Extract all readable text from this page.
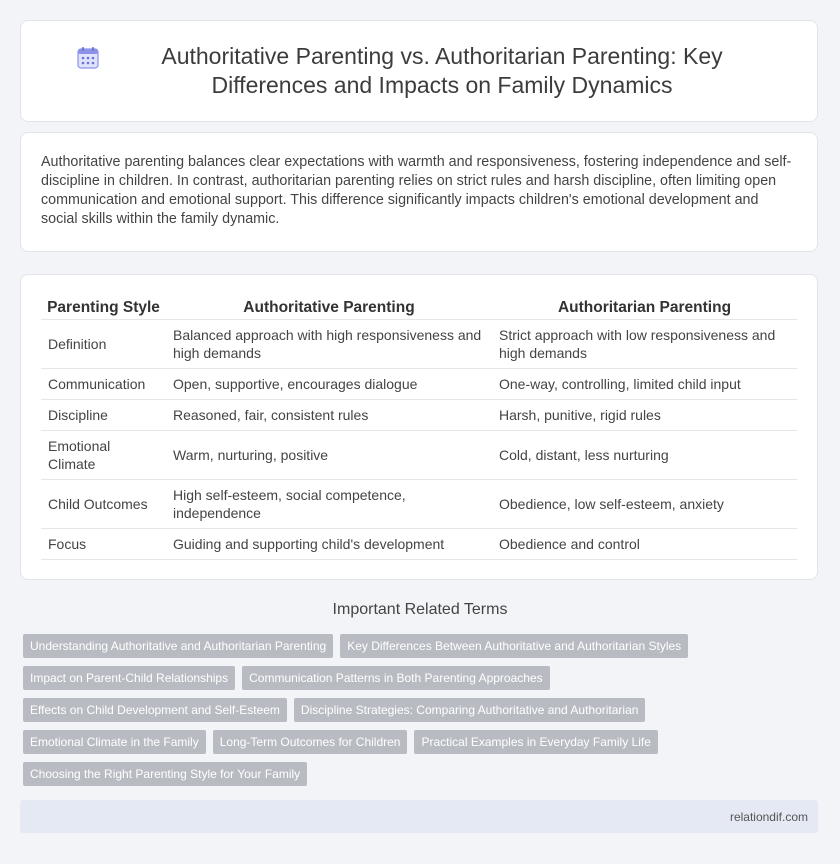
Authoritative Parenting vs. Authoritarian Parenting: Key Differences and Impacts on Family Dynamics

Authoritative parenting balances clear expectations with warmth and responsiveness, fostering independence and self-discipline in children. In contrast, authoritarian parenting relies on strict rules and harsh discipline, often limiting open communication and emotional support. This difference significantly impacts children's emotional development and social skills within the family dynamic.

Parenting Style	Authoritative Parenting	Authoritarian Parenting
Definition	Balanced approach with high responsiveness and high demands	Strict approach with low responsiveness and high demands
Communication	Open, supportive, encourages dialogue	One-way, controlling, limited child input
Discipline	Reasoned, fair, consistent rules	Harsh, punitive, rigid rules
Emotional Climate	Warm, nurturing, positive	Cold, distant, less nurturing
Child Outcomes	High self-esteem, social competence, independence	Obedience, low self-esteem, anxiety
Focus	Guiding and supporting child's development	Obedience and control
Important Related Terms
Understanding Authoritative and Authoritarian Parenting	Key Differences Between Authoritative and Authoritarian Styles
Impact on Parent-Child Relationships	Communication Patterns in Both Parenting Approaches
Effects on Child Development and Self-Esteem	Discipline Strategies: Comparing Authoritative and Authoritarian
Emotional Climate in the Family	Long-Term Outcomes for Children	Practical Examples in Everyday Family Life
Choosing the Right Parenting Style for Your Family
relationdif.com
